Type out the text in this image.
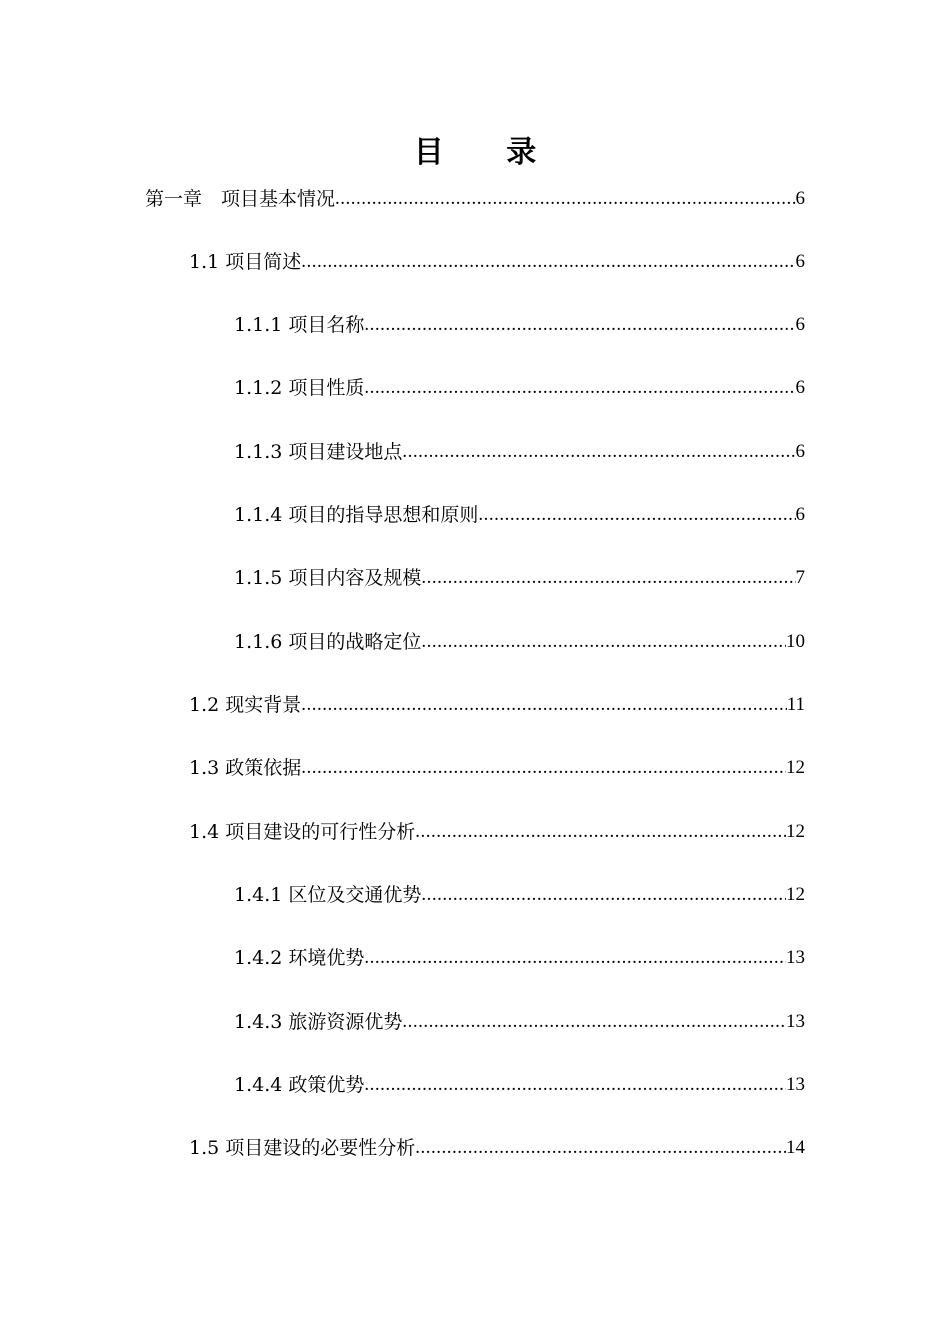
目 录
第一章　项目基本情况 .....	6
1.1 项目简述 .....	6
1.1.1 项目名称 .....	6
1.1.2 项目性质 .....	6
1.1.3 项目建设地点 .....	6
1.1.4 项目的指导思想和原则 .....	6
1.1.5 项目内容及规模 .....	7
1.1.6 项目的战略定位 .....	10
1.2 现实背景 .....	11
1.3 政策依据 .....	12
1.4 项目建设的可行性分析 .....	12
1.4.1 区位及交通优势 .....	12
1.4.2 环境优势 .....	13
1.4.3 旅游资源优势 .....	13
1.4.4 政策优势 .....	13
1.5 项目建设的必要性分析 .....	14
